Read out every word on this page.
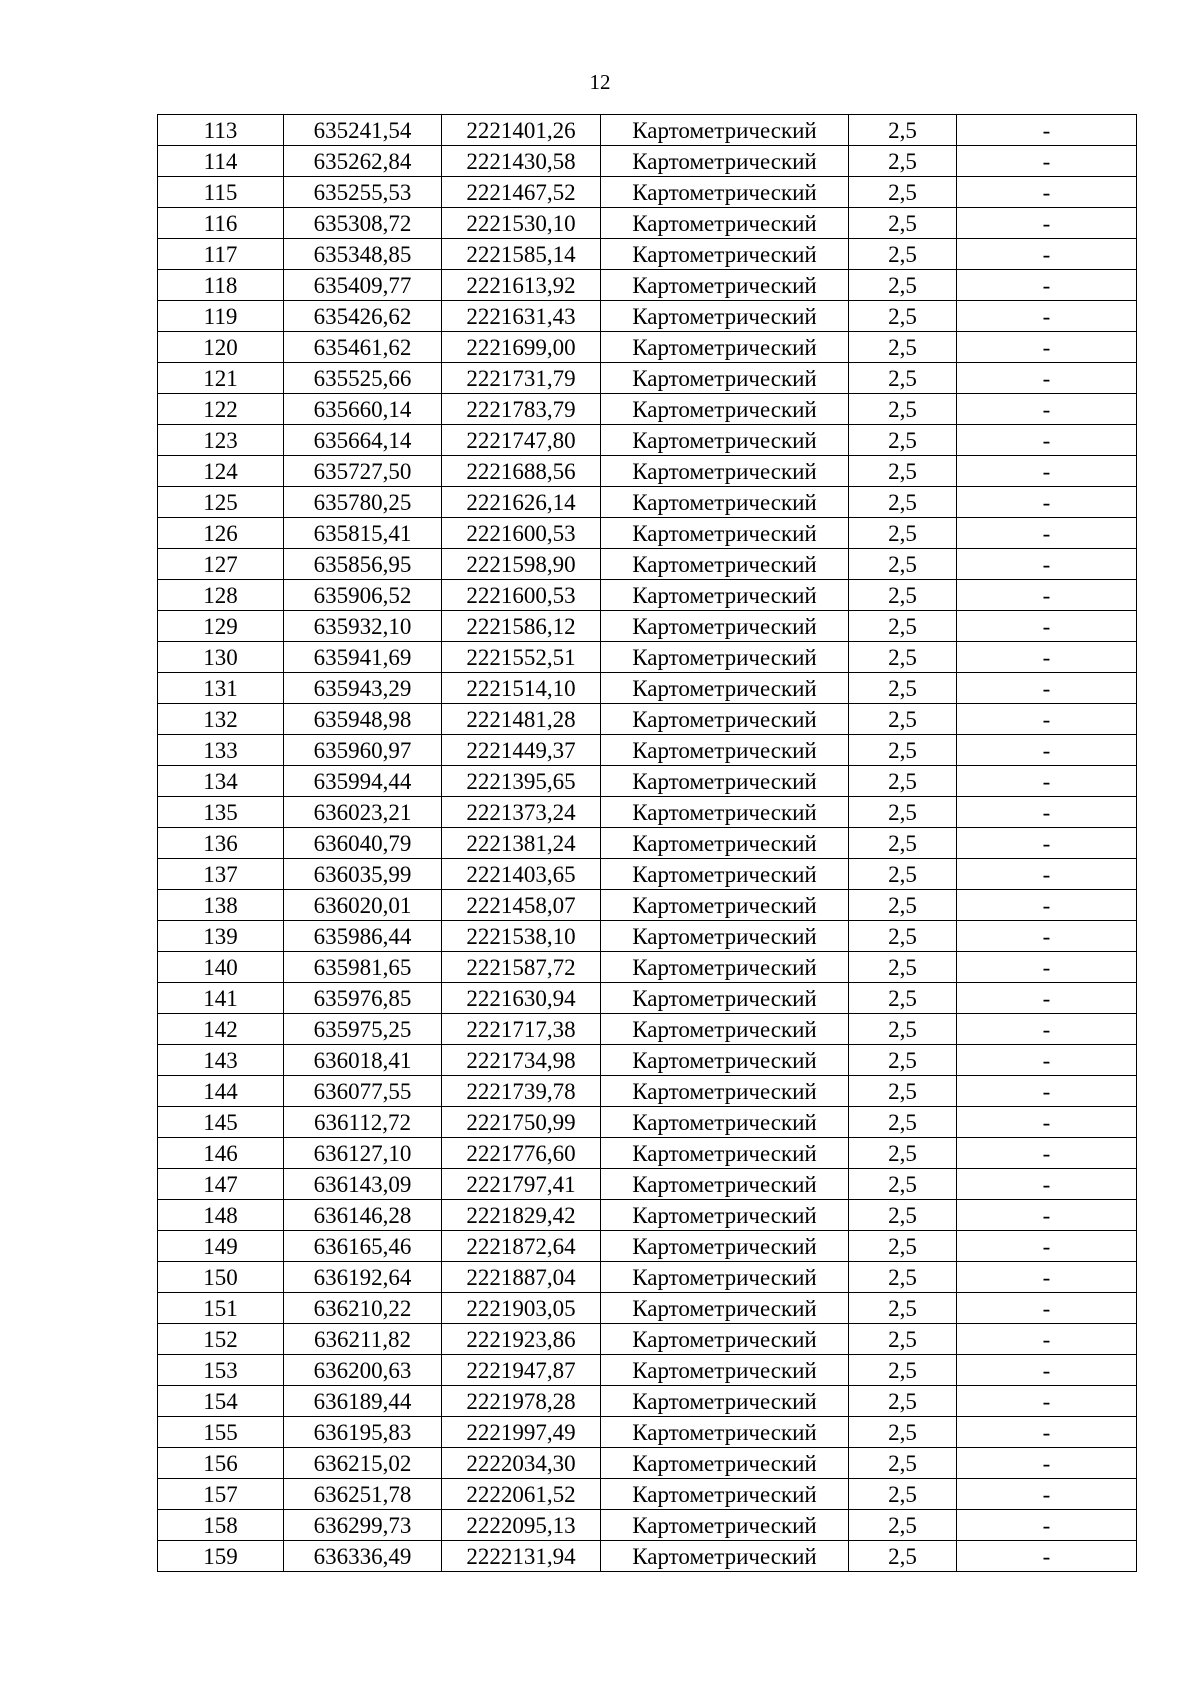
12
113	635241,54	2221401,26	Картометрический	2,5	-
114	635262,84	2221430,58	Картометрический	2,5	-
115	635255,53	2221467,52	Картометрический	2,5	-
116	635308,72	2221530,10	Картометрический	2,5	-
117	635348,85	2221585,14	Картометрический	2,5	-
118	635409,77	2221613,92	Картометрический	2,5	-
119	635426,62	2221631,43	Картометрический	2,5	-
120	635461,62	2221699,00	Картометрический	2,5	-
121	635525,66	2221731,79	Картометрический	2,5	-
122	635660,14	2221783,79	Картометрический	2,5	-
123	635664,14	2221747,80	Картометрический	2,5	-
124	635727,50	2221688,56	Картометрический	2,5	-
125	635780,25	2221626,14	Картометрический	2,5	-
126	635815,41	2221600,53	Картометрический	2,5	-
127	635856,95	2221598,90	Картометрический	2,5	-
128	635906,52	2221600,53	Картометрический	2,5	-
129	635932,10	2221586,12	Картометрический	2,5	-
130	635941,69	2221552,51	Картометрический	2,5	-
131	635943,29	2221514,10	Картометрический	2,5	-
132	635948,98	2221481,28	Картометрический	2,5	-
133	635960,97	2221449,37	Картометрический	2,5	-
134	635994,44	2221395,65	Картометрический	2,5	-
135	636023,21	2221373,24	Картометрический	2,5	-
136	636040,79	2221381,24	Картометрический	2,5	-
137	636035,99	2221403,65	Картометрический	2,5	-
138	636020,01	2221458,07	Картометрический	2,5	-
139	635986,44	2221538,10	Картометрический	2,5	-
140	635981,65	2221587,72	Картометрический	2,5	-
141	635976,85	2221630,94	Картометрический	2,5	-
142	635975,25	2221717,38	Картометрический	2,5	-
143	636018,41	2221734,98	Картометрический	2,5	-
144	636077,55	2221739,78	Картометрический	2,5	-
145	636112,72	2221750,99	Картометрический	2,5	-
146	636127,10	2221776,60	Картометрический	2,5	-
147	636143,09	2221797,41	Картометрический	2,5	-
148	636146,28	2221829,42	Картометрический	2,5	-
149	636165,46	2221872,64	Картометрический	2,5	-
150	636192,64	2221887,04	Картометрический	2,5	-
151	636210,22	2221903,05	Картометрический	2,5	-
152	636211,82	2221923,86	Картометрический	2,5	-
153	636200,63	2221947,87	Картометрический	2,5	-
154	636189,44	2221978,28	Картометрический	2,5	-
155	636195,83	2221997,49	Картометрический	2,5	-
156	636215,02	2222034,30	Картометрический	2,5	-
157	636251,78	2222061,52	Картометрический	2,5	-
158	636299,73	2222095,13	Картометрический	2,5	-
159	636336,49	2222131,94	Картометрический	2,5	-
